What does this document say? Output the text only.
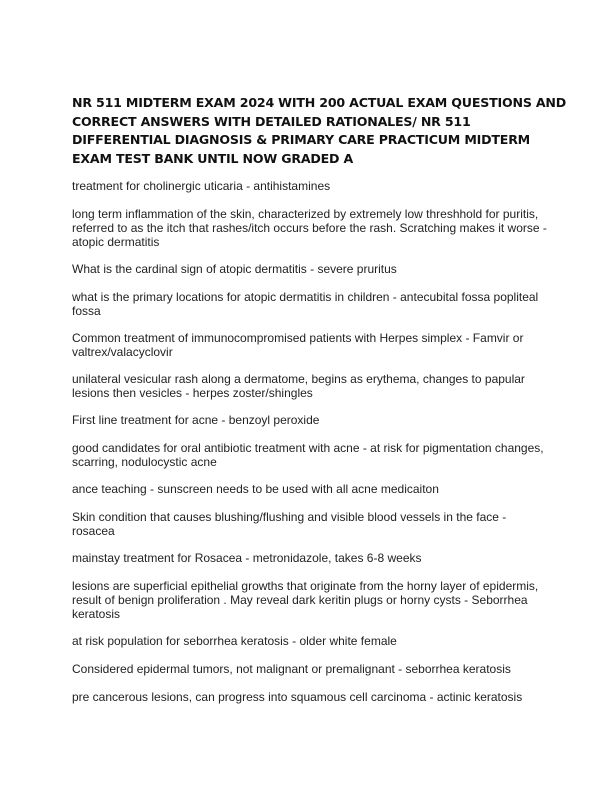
NR 511 MIDTERM EXAM 2024 WITH 200 ACTUAL EXAM QUESTIONS AND
CORRECT ANSWERS WITH DETAILED RATIONALES/ NR 511
DIFFERENTIAL DIAGNOSIS & PRIMARY CARE PRACTICUM MIDTERM
EXAM TEST BANK UNTIL NOW GRADED A

treatment for cholinergic uticaria - antihistamines

long term inflammation of the skin, characterized by extremely low threshhold for puritis, referred to as the itch that rashes/itch occurs before the rash. Scratching makes it worse - atopic dermatitis

What is the cardinal sign of atopic dermatitis - severe pruritus

what is the primary locations for atopic dermatitis in children - antecubital fossa popliteal fossa

Common treatment of immunocompromised patients with Herpes simplex - Famvir or valtrex/valacyclovir

unilateral vesicular rash along a dermatome, begins as erythema, changes to papular lesions then vesicles - herpes zoster/shingles

First line treatment for acne - benzoyl peroxide

good candidates for oral antibiotic treatment with acne - at risk for pigmentation changes, scarring, nodulocystic acne

ance teaching - sunscreen needs to be used with all acne medicaiton

Skin condition that causes blushing/flushing and visible blood vessels in the face - rosacea

mainstay treatment for Rosacea - metronidazole, takes 6-8 weeks

lesions are superficial epithelial growths that originate from the horny layer of epidermis, result of benign proliferation . May reveal dark keritin plugs or horny cysts - Seborrhea keratosis

at risk population for seborrhea keratosis - older white female

Considered epidermal tumors, not malignant or premalignant - seborrhea keratosis

pre cancerous lesions, can progress into squamous cell carcinoma - actinic keratosis
